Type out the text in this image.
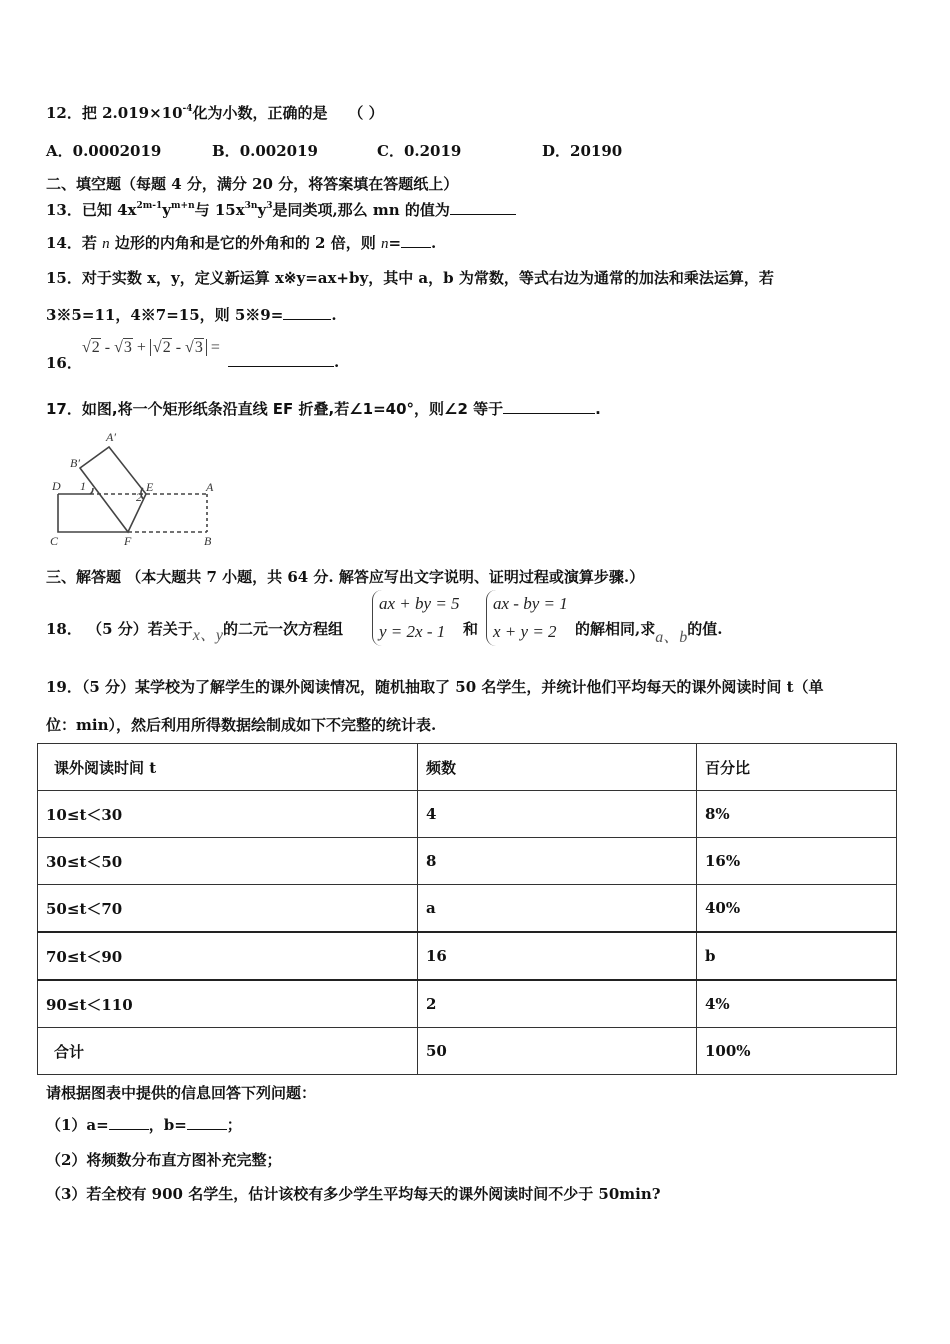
12．把 $2.019\times 10^{-4}$化为小数，正确的是 （ ）
A．0.0002019	B．0.002019	C．0.2019	D．20190
二、填空题（每题 4 分，满分 20 分，将答案填在答题纸上）
13．已知 $4x^{2m-1}y^{m+n}$与 $15x^{3n}y^3$是同类项,那么 mn 的值为
14．若 n 边形的内角和是它的外角和的 2 倍，则 n= .
15．对于实数 x，y，定义新运算 x※y=ax+by，其中 a，b 为常数，等式右边为通常的加法和乘法运算，若
3※5=11，4※7=15，则 5※9=	.
16．
√2 - √3 + √2 - √3 =
.
17．如图,将一个矩形纸条沿直线 EF 折叠,若∠1=40°，则∠2 等于	.
A′
B′
D 1	E
2
A
C	F	B
三、解答题 （本大题共 7 小题，共 64 分. 解答应写出文字说明、证明过程或演算步骤.）
18． （5 分）若关于x、y的二元一次方程组
ax + by = 5
y = 2x - 1	和
ax - by = 1
x + y = 2	的解相同,求a、b的值.
19．（5 分）某学校为了解学生的课外阅读情况，随机抽取了 50 名学生，并统计他们平均每天的课外阅读时间 t（单
位：min），然后利用所得数据绘制成如下不完整的统计表.
课外阅读时间 t	频数	百分比
10≤t＜30	4	8%
30≤t＜50	8	16%
50≤t＜70	a	40%
70≤t＜90	16	b
90≤t＜110	2	4%
合计	50	100%
请根据图表中提供的信息回答下列问题：
（1）a=	，b=	；
（2）将频数分布直方图补充完整；
（3）若全校有 900 名学生，估计该校有多少学生平均每天的课外阅读时间不少于 50min?
